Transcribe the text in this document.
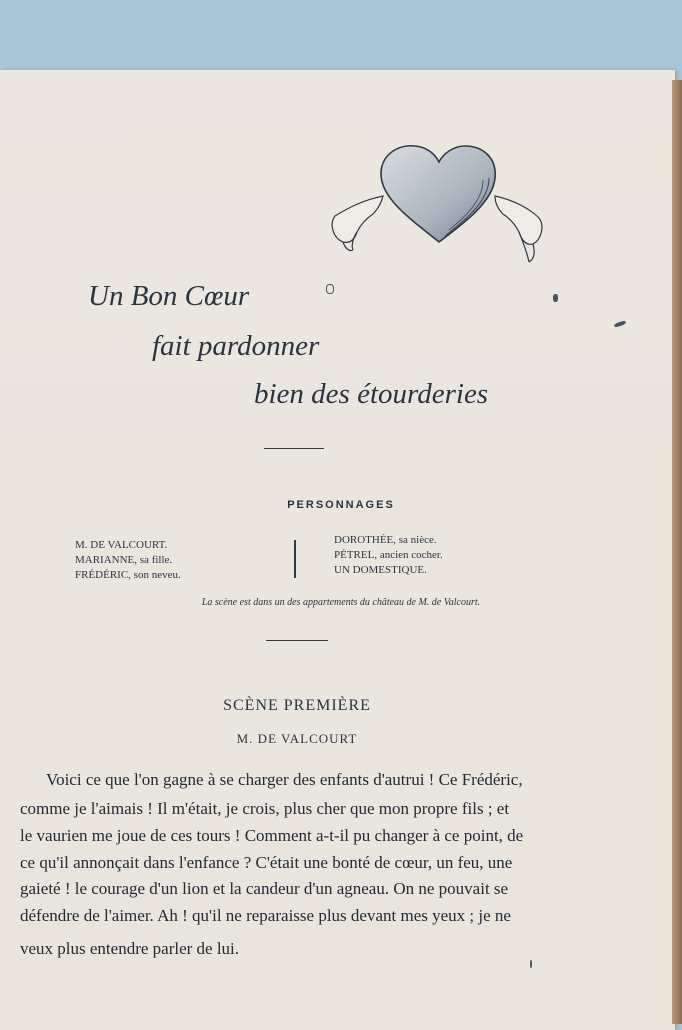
Un Bon Cœur
fait pardonner
bien des étourderies
PERSONNAGES
M. DE VALCOURT.
MARIANNE, sa fille.
FRÉDÉRIC, son neveu.
DOROTHÉE, sa nièce.
PÉTREL, ancien cocher.
UN DOMESTIQUE.
La scène est dans un des appartements du château de M. de Valcourt.
SCÈNE PREMIÈRE
M. DE VALCOURT
Voici ce que l'on gagne à se charger des enfants d'autrui ! Ce Frédéric,
comme je l'aimais ! Il m'était, je crois, plus cher que mon propre fils ; et
le vaurien me joue de ces tours ! Comment a-t-il pu changer à ce point, de
ce qu'il annonçait dans l'enfance ? C'était une bonté de cœur, un feu, une
gaieté ! le courage d'un lion et la candeur d'un agneau. On ne pouvait se
défendre de l'aimer. Ah ! qu'il ne reparaisse plus devant mes yeux ; je ne
veux plus entendre parler de lui.
